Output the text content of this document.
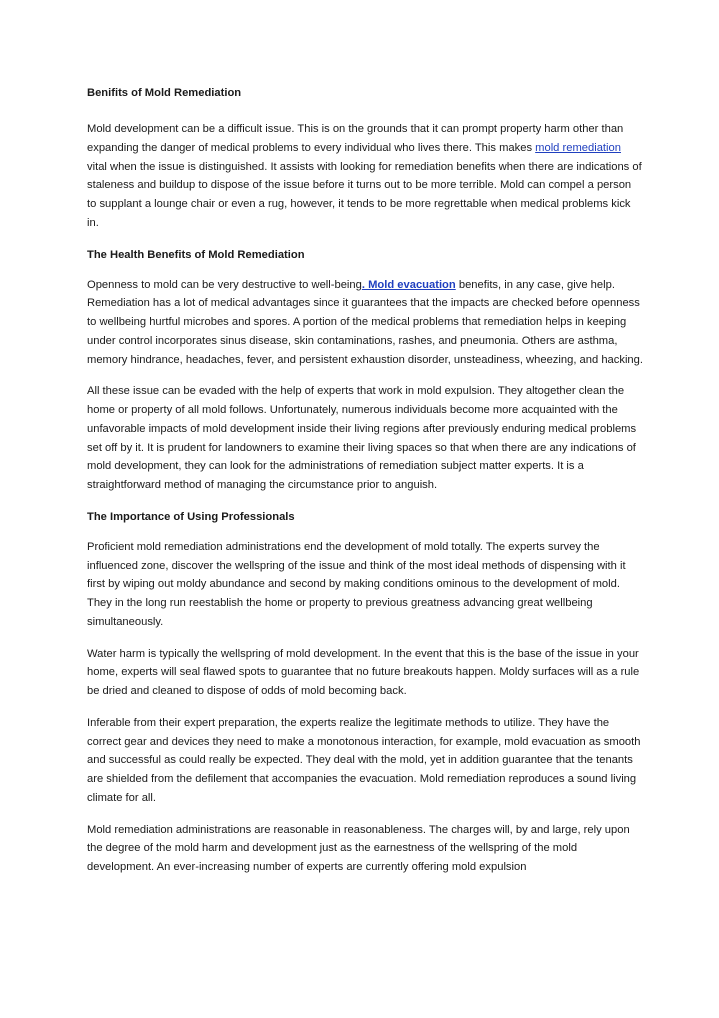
Benifits of Mold Remediation

Mold development can be a difficult issue. This is on the grounds that it can prompt property harm other than expanding the danger of medical problems to every individual who lives there. This makes mold remediation vital when the issue is distinguished. It assists with looking for remediation benefits when there are indications of staleness and buildup to dispose of the issue before it turns out to be more terrible. Mold can compel a person to supplant a lounge chair or even a rug, however, it tends to be more regrettable when medical problems kick in.

The Health Benefits of Mold Remediation

Openness to mold can be very destructive to well-being. Mold evacuation benefits, in any case, give help. Remediation has a lot of medical advantages since it guarantees that the impacts are checked before openness to wellbeing hurtful microbes and spores. A portion of the medical problems that remediation helps in keeping under control incorporates sinus disease, skin contaminations, rashes, and pneumonia. Others are asthma, memory hindrance, headaches, fever, and persistent exhaustion disorder, unsteadiness, wheezing, and hacking.

All these issue can be evaded with the help of experts that work in mold expulsion. They altogether clean the home or property of all mold follows. Unfortunately, numerous individuals become more acquainted with the unfavorable impacts of mold development inside their living regions after previously enduring medical problems set off by it. It is prudent for landowners to examine their living spaces so that when there are any indications of mold development, they can look for the administrations of remediation subject matter experts. It is a straightforward method of managing the circumstance prior to anguish.

The Importance of Using Professionals

Proficient mold remediation administrations end the development of mold totally. The experts survey the influenced zone, discover the wellspring of the issue and think of the most ideal methods of dispensing with it first by wiping out moldy abundance and second by making conditions ominous to the development of mold. They in the long run reestablish the home or property to previous greatness advancing great wellbeing simultaneously.

Water harm is typically the wellspring of mold development. In the event that this is the base of the issue in your home, experts will seal flawed spots to guarantee that no future breakouts happen. Moldy surfaces will as a rule be dried and cleaned to dispose of odds of mold becoming back.

Inferable from their expert preparation, the experts realize the legitimate methods to utilize. They have the correct gear and devices they need to make a monotonous interaction, for example, mold evacuation as smooth and successful as could really be expected. They deal with the mold, yet in addition guarantee that the tenants are shielded from the defilement that accompanies the evacuation. Mold remediation reproduces a sound living climate for all.

Mold remediation administrations are reasonable in reasonableness. The charges will, by and large, rely upon the degree of the mold harm and development just as the earnestness of the wellspring of the mold development. An ever-increasing number of experts are currently offering mold expulsion
